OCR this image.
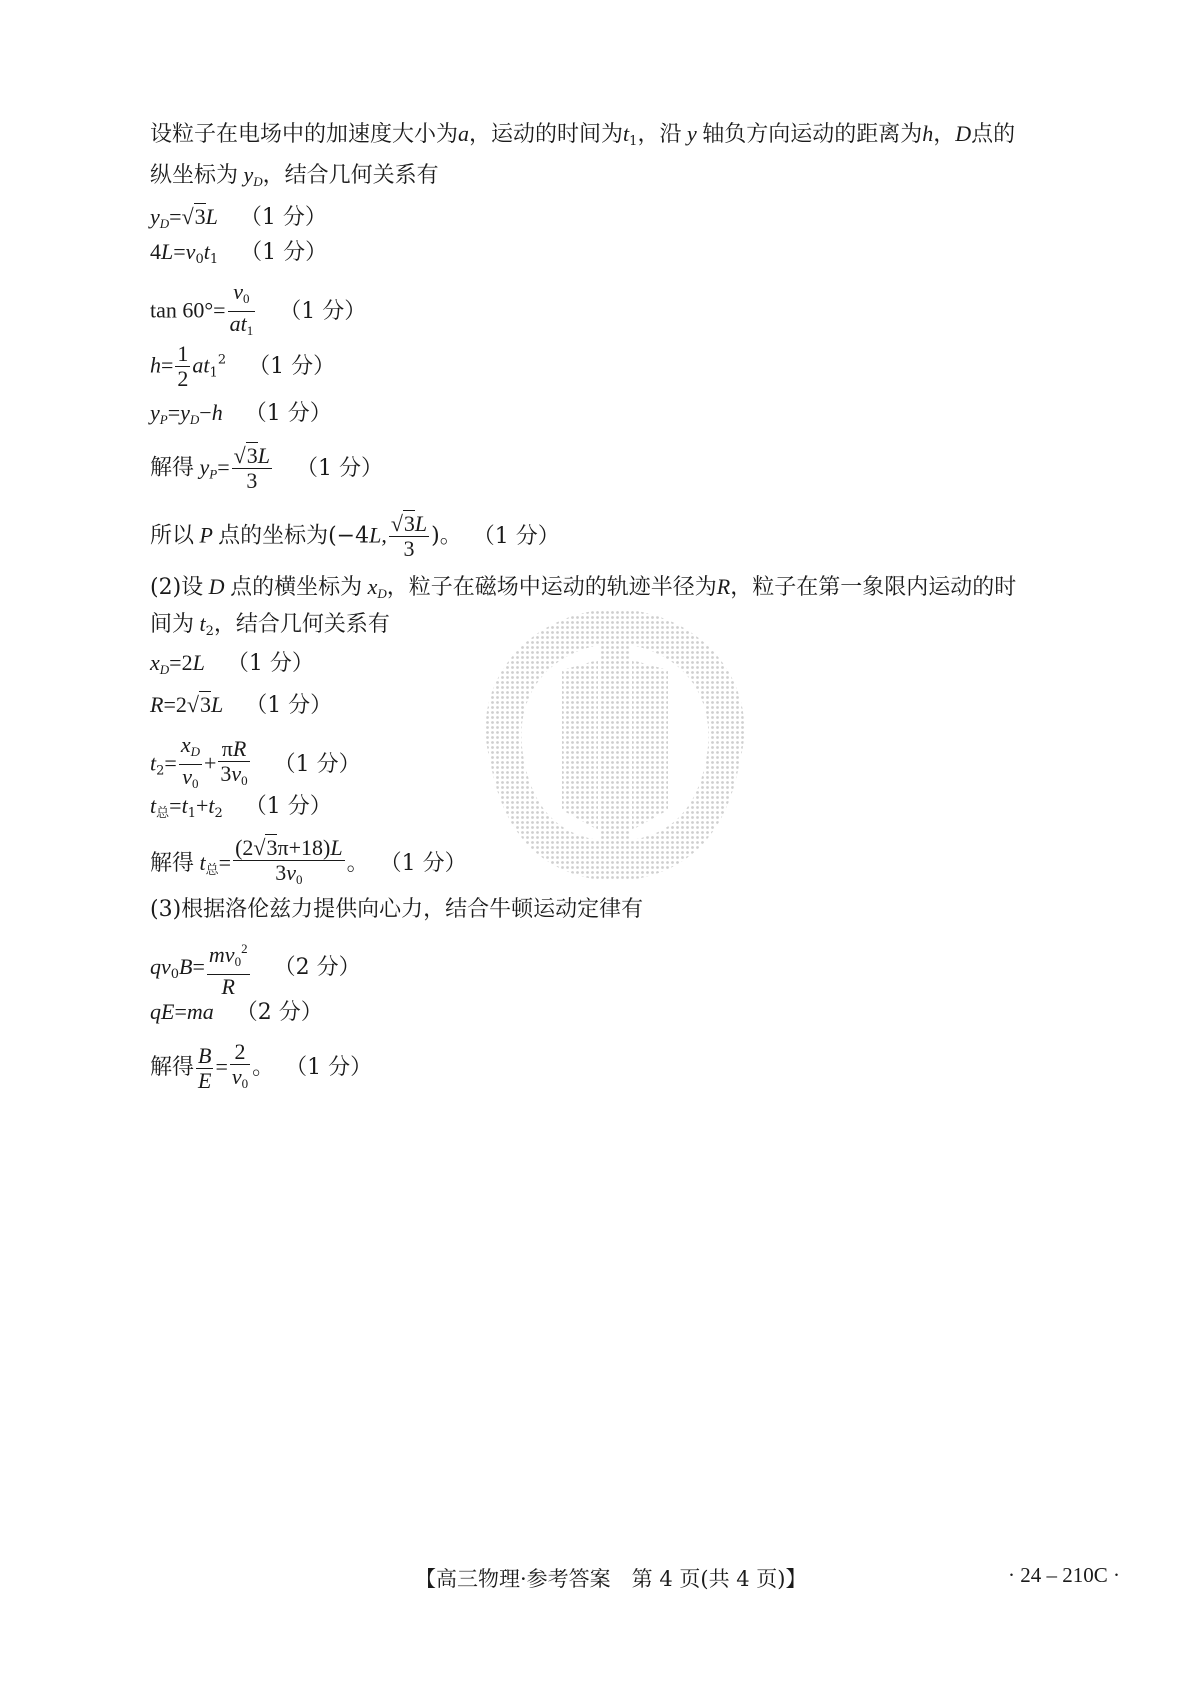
设粒子在电场中的加速度大小为a，运动的时间为$t_1$，沿 y 轴负方向运动的距离为h，D点的
纵坐标为 $y_D$，结合几何关系有
$y_D=√3L$ （1 分）
$4L=v_0t_1$ （1 分）
$\tan 60^\circ= \frac{v_0}{at_1} (1$ 分）
$h= \frac{1}{2} at_1^2$ （1 分）
$y_P=y_D-h$ （1 分）
解得 $y_P= \frac{√3L}{3} (1$ 分）
所以 P 点的坐标为(−4L, $\frac{√3L}{3}$ )。 （1 分）
(2)设 D 点的横坐标为 $x_D$，粒子在磁场中运动的轨迹半径为R，粒子在第一象限内运动的时
间为 $t_2$，结合几何关系有
$x_D=2L$ （1 分）
R=2√3L （1 分）
$t_2= \frac{x_D}{v_0} + \frac{\pi R}{3v_0} (1$ 分）
$t_总=t_1+t_2$ （1 分）
解得 $t_总= \frac{(2√3\pi+18)L}{3v_0}$ 。 （1 分）
(3)根据洛伦兹力提供向心力，结合牛顿运动定律有
$qv_0B= \frac{mv_0^2}{R} (2$ 分）
qE=ma （2 分）
解得 $\frac{B}{E} = \frac{2}{v_0}$ 。 （1 分）
【高三物理·参考答案　第 4 页(共 4 页)】	· 24 – 210C ·
